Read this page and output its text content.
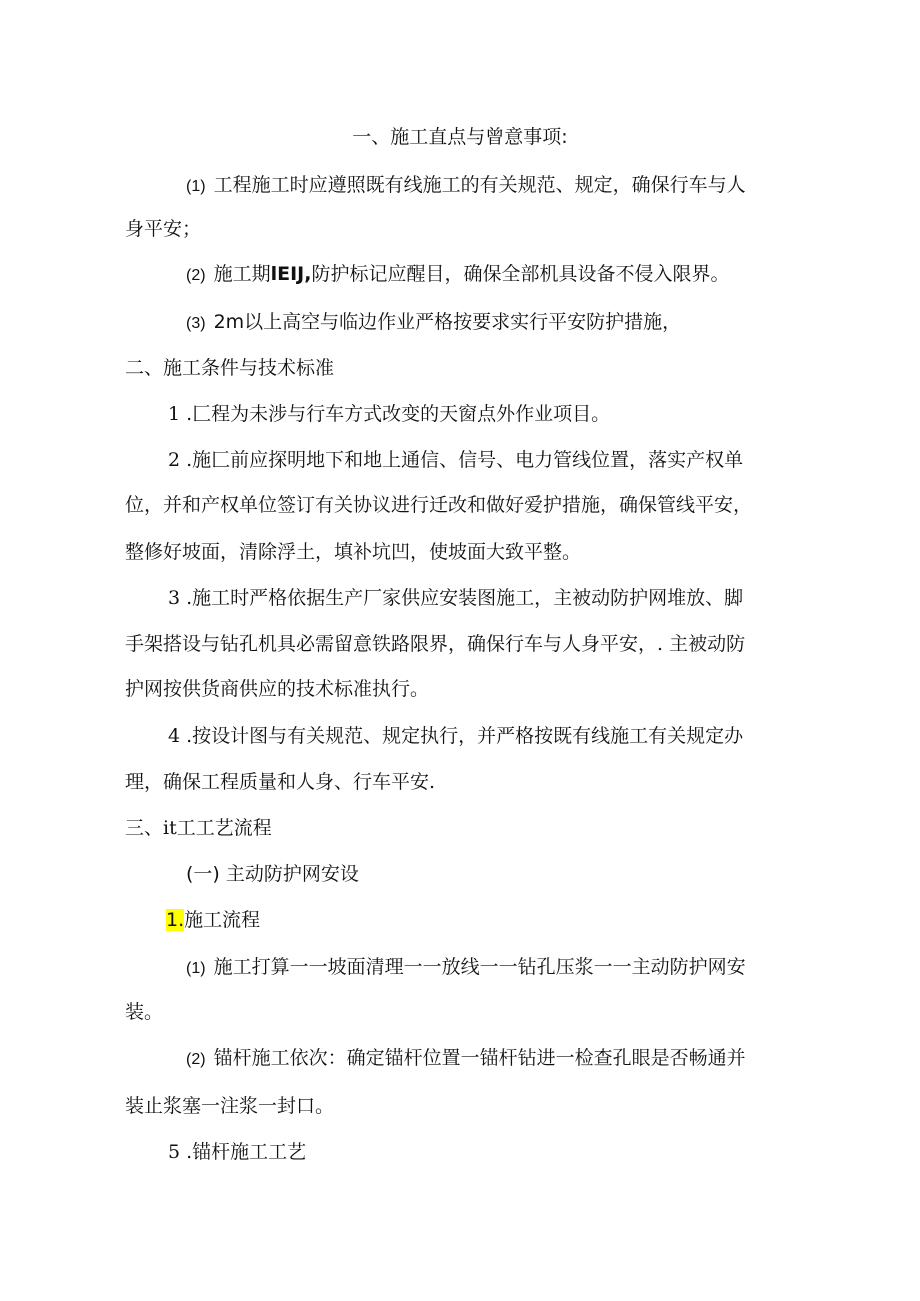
一、施工直点与曾意事项:
(1) 工程施工时应遵照既有线施工的有关规范、规定，确保行车与人
身平安；
(2) 施工期lEIJ,防护标记应醒目，确保全部机具设备不侵入限界。
(3) 2m以上高空与临边作业严格按要求实行平安防护措施，
二、施工条件与技术标准
1 .匚程为未涉与行车方式改变的天窗点外作业项目。
2 .施匚前应探明地下和地上通信、信号、电力管线位置，落实产权单
位，并和产权单位签订有关协议进行迁改和做好爱护措施，确保管线平安，
整修好坡面，清除浮土，填补坑凹，使坡面大致平整。
3 .施工时严格依据生产厂家供应安装图施工，主被动防护网堆放、脚
手架搭设与钻孔机具必需留意铁路限界，确保行车与人身平安，. 主被动防
护网按供货商供应的技术标准执行。
4 .按设计图与有关规范、规定执行，并严格按既有线施工有关规定办
理，确保工程质量和人身、行车平安.
三、it工工艺流程
(一) 主动防护网安设
1.施工流程
(1) 施工打算一一坡面清理一一放线一一钻孔压浆一一主动防护网安
装。
(2) 锚杆施工依次：确定锚杆位置一锚杆钻进一检查孔眼是否畅通并
装止浆塞一注浆一封口。
5 .锚杆施工工艺
